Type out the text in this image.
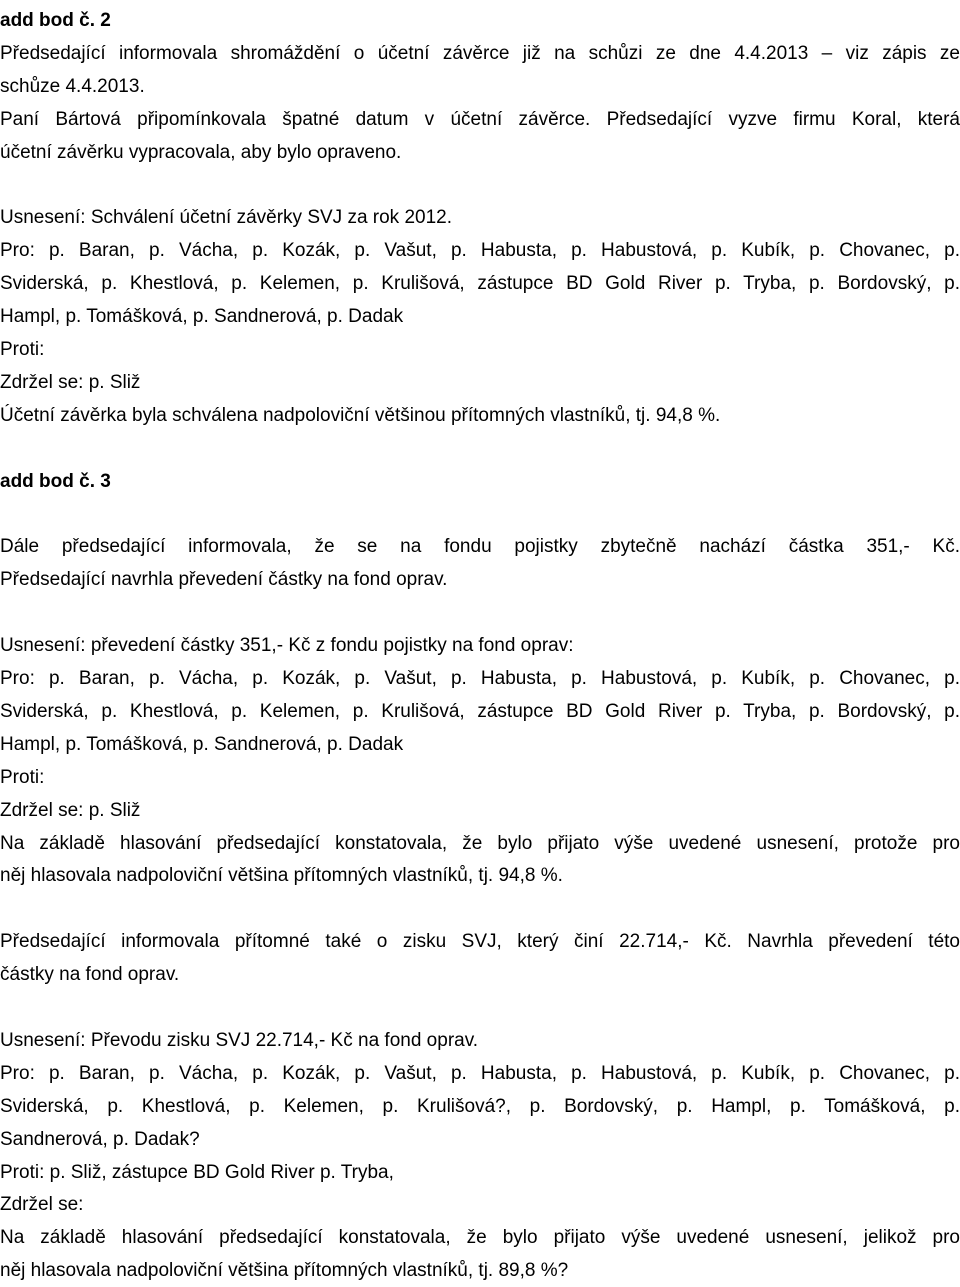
add bod č. 2
Předsedající informovala shromáždění o účetní závěrce již na schůzi ze dne 4.4.2013 – viz zápis ze
schůze 4.4.2013.
Paní Bártová připomínkovala špatné datum v účetní závěrce. Předsedající vyzve firmu Koral, která
účetní závěrku vypracovala, aby bylo opraveno.
Usnesení: Schválení účetní závěrky SVJ za rok 2012.
Pro: p. Baran, p. Vácha, p. Kozák, p. Vašut, p. Habusta, p. Habustová, p. Kubík, p. Chovanec, p.
Sviderská, p. Khestlová, p. Kelemen, p. Krulišová, zástupce BD Gold River p. Tryba, p. Bordovský, p.
Hampl, p. Tomášková, p. Sandnerová, p. Dadak
Proti:
Zdržel se: p. Sliž
Účetní závěrka byla schválena nadpoloviční většinou přítomných vlastníků, tj. 94,8 %.
add bod č. 3
Dále předsedající informovala, že se na fondu pojistky zbytečně nachází částka 351,- Kč.
Předsedající navrhla převedení částky na fond oprav.
Usnesení: převedení částky 351,- Kč z fondu pojistky na fond oprav:
Pro: p. Baran, p. Vácha, p. Kozák, p. Vašut, p. Habusta, p. Habustová, p. Kubík, p. Chovanec, p.
Sviderská, p. Khestlová, p. Kelemen, p. Krulišová, zástupce BD Gold River p. Tryba, p. Bordovský, p.
Hampl, p. Tomášková, p. Sandnerová, p. Dadak
Proti:
Zdržel se: p. Sliž
Na základě hlasování předsedající konstatovala, že bylo přijato výše uvedené usnesení, protože pro
něj hlasovala nadpoloviční většina přítomných vlastníků, tj. 94,8 %.
Předsedající informovala přítomné také o zisku SVJ, který činí 22.714,- Kč. Navrhla převedení této
částky na fond oprav.
Usnesení: Převodu zisku SVJ 22.714,- Kč na fond oprav.
Pro: p. Baran, p. Vácha, p. Kozák, p. Vašut, p. Habusta, p. Habustová, p. Kubík, p. Chovanec, p.
Sviderská, p. Khestlová, p. Kelemen, p. Krulišová?, p. Bordovský, p. Hampl, p. Tomášková, p.
Sandnerová, p. Dadak?
Proti: p. Sliž, zástupce BD Gold River p. Tryba,
Zdržel se:
Na základě hlasování předsedající konstatovala, že bylo přijato výše uvedené usnesení, jelikož pro
něj hlasovala nadpoloviční většina přítomných vlastníků, tj. 89,8 %?
